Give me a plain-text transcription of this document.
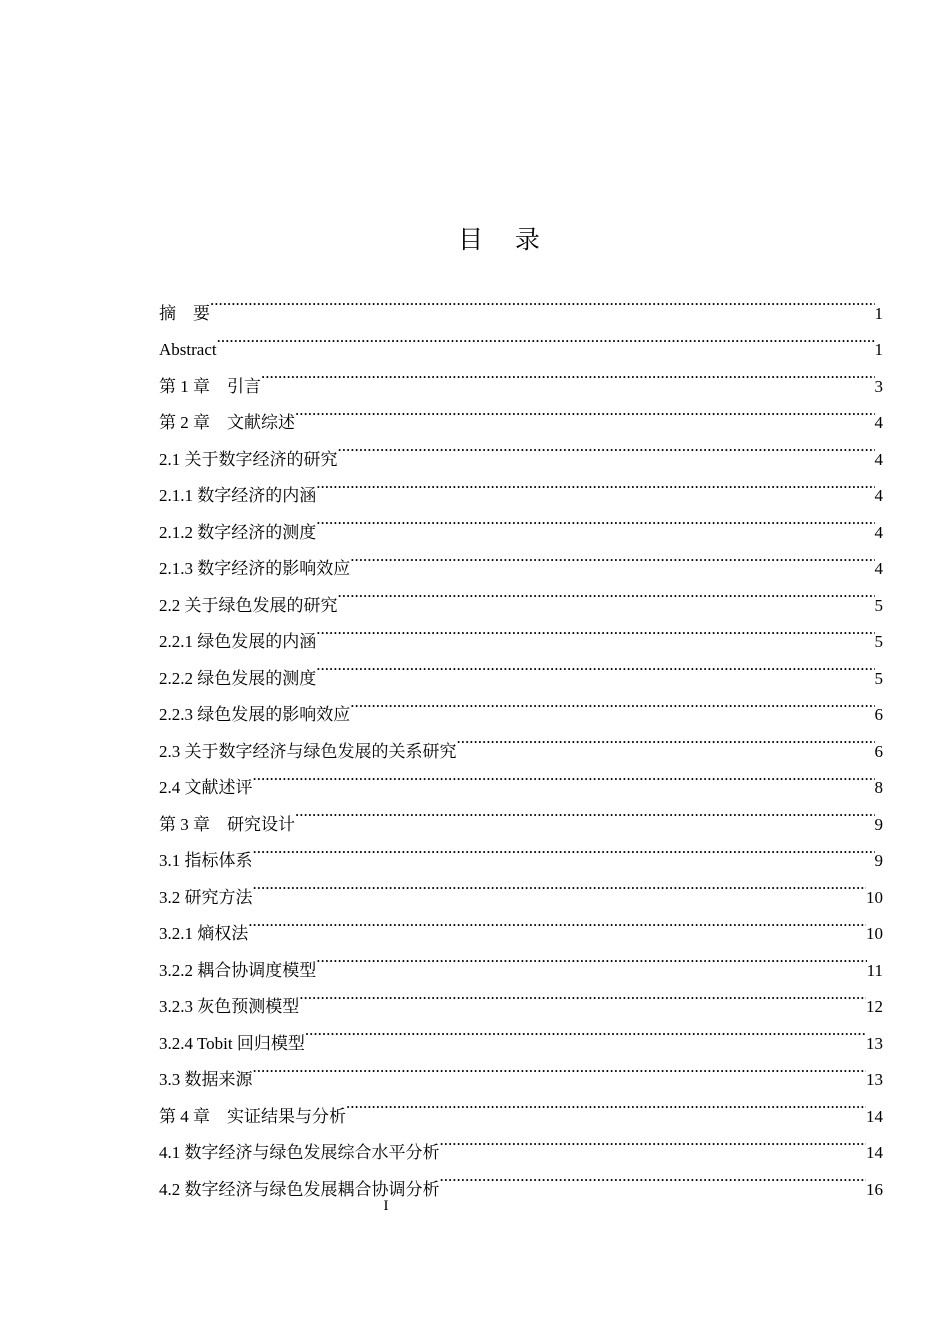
目    录
摘    要 .....	1
Abstract .....	1
第 1 章    引言 .....	3
第 2 章    文献综述 .....	4
2.1 关于数字经济的研究 .....	4
2.1.1 数字经济的内涵 .....	4
2.1.2 数字经济的测度 .....	4
2.1.3 数字经济的影响效应 .....	4
2.2 关于绿色发展的研究 .....	5
2.2.1 绿色发展的内涵 .....	5
2.2.2 绿色发展的测度 .....	5
2.2.3 绿色发展的影响效应 .....	6
2.3 关于数字经济与绿色发展的关系研究 .....	6
2.4 文献述评 .....	8
第 3 章    研究设计 .....	9
3.1 指标体系 .....	9
3.2 研究方法 .....	10
3.2.1 熵权法 .....	10
3.2.2 耦合协调度模型 .....	11
3.2.3 灰色预测模型 .....	12
3.2.4 Tobit 回归模型 .....	13
3.3 数据来源 .....	13
第 4 章    实证结果与分析 .....	14
4.1 数字经济与绿色发展综合水平分析 .....	14
4.2 数字经济与绿色发展耦合协调分析 .....	16
I
